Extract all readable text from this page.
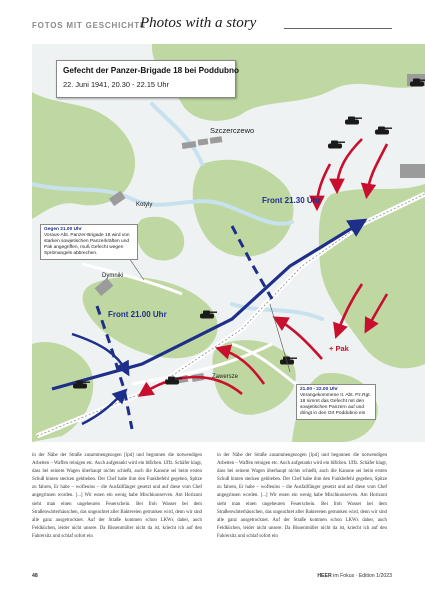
FOTOS MIT GESCHICHTE
Photos with a story
Gefecht der Panzer-Brigade 18 bei Poddubno
22. Juni 1941, 20.30 - 22.15 Uhr
Szczerczewo
Kotyly
Dymniki
Zawersze
Front 21.30 Uhr
Front 21.00 Uhr
+ Pak
Gegen 21.00 Uhr
Voraus-Abt. Panzer-Brigade 18 wird von starken sowjetischen Panzerkräften und Pak angegriffen, muß Gefecht wegen Spritmangels abbrechen.
21.00 - 22.00 Uhr
Verangekommene II. Abt. Pz.Rgt. 18 nimmt das Gefecht mit den sowjetischen Panzern auf und dringt in den Ort Poddubno ein
in der Nähe der Straße zusammengezogen [lpd] und begonnen die notwendigen Arbeiten – Waffen reinigen etc. Auch aufgetankt wird ein bißchen. Uffz. Schäfer klagt, dass bei seinem Wagen überhaupt nichts schießt, auch die Kanone sei beim ersten Schuß hinten stecken geblieben. Der Chef habe ihm den Funkbefehl gegeben, Spitze zu fahren, Er habe – wofleulos – die Ausfallfänger gesetzt und auf diese vom Chef angegrinsen worden. [...] Wir essen ein wenig habe Mischkonserven. Am Horizont sieht man einen ungeheuren Feuerschein. Bei froh Wasser bei dem Straßenwärterhäuschen, das ungeachtet aller Baktereien getrunken wird, denn wir sind alle ganz ausgetrocknet. Auf der Straße kommen schon LKWs daher, auch Feldküchen, leider nicht unsere. Da Bissenmüller nicht da ist, kriecht ich auf den Fahrersitz und schlaf sofort ein
in der Nähe der Straße zusammengezogen [lpd] und begonnen die notwendigen Arbeiten – Waffen reinigen etc. Auch aufgetankt wird ein bißchen. Uffz. Schäfer klagt, dass bei seinem Wagen überhaupt nichts schießt, auch die Kanone sei beim ersten Schuß hinten stecken geblieben. Der Chef habe ihm den Funkbefehl gegeben, Spitze zu fahren, Er habe – wofleulos – die Ausfallfänger gesetzt und auf diese vom Chef angegrinsen worden. [...] Wir essen ein wenig habe Mischkonserven. Am Horizont sieht man einen ungeheuren Feuerschein. Bei froh Wasser bei dem Straßenwärterhäuschen, das ungeachtet aller Baktereien getrunken wird, denn wir sind alle ganz ausgetrocknet. Auf der Straße kommen schon LKWs daher, auch Feldküchen, leider nicht unsere. Da Bissenmüller nicht da ist, kriecht ich auf den Fahrersitz und schlaf sofort ein
48	HEER im Fokus · Edition 1/2023
